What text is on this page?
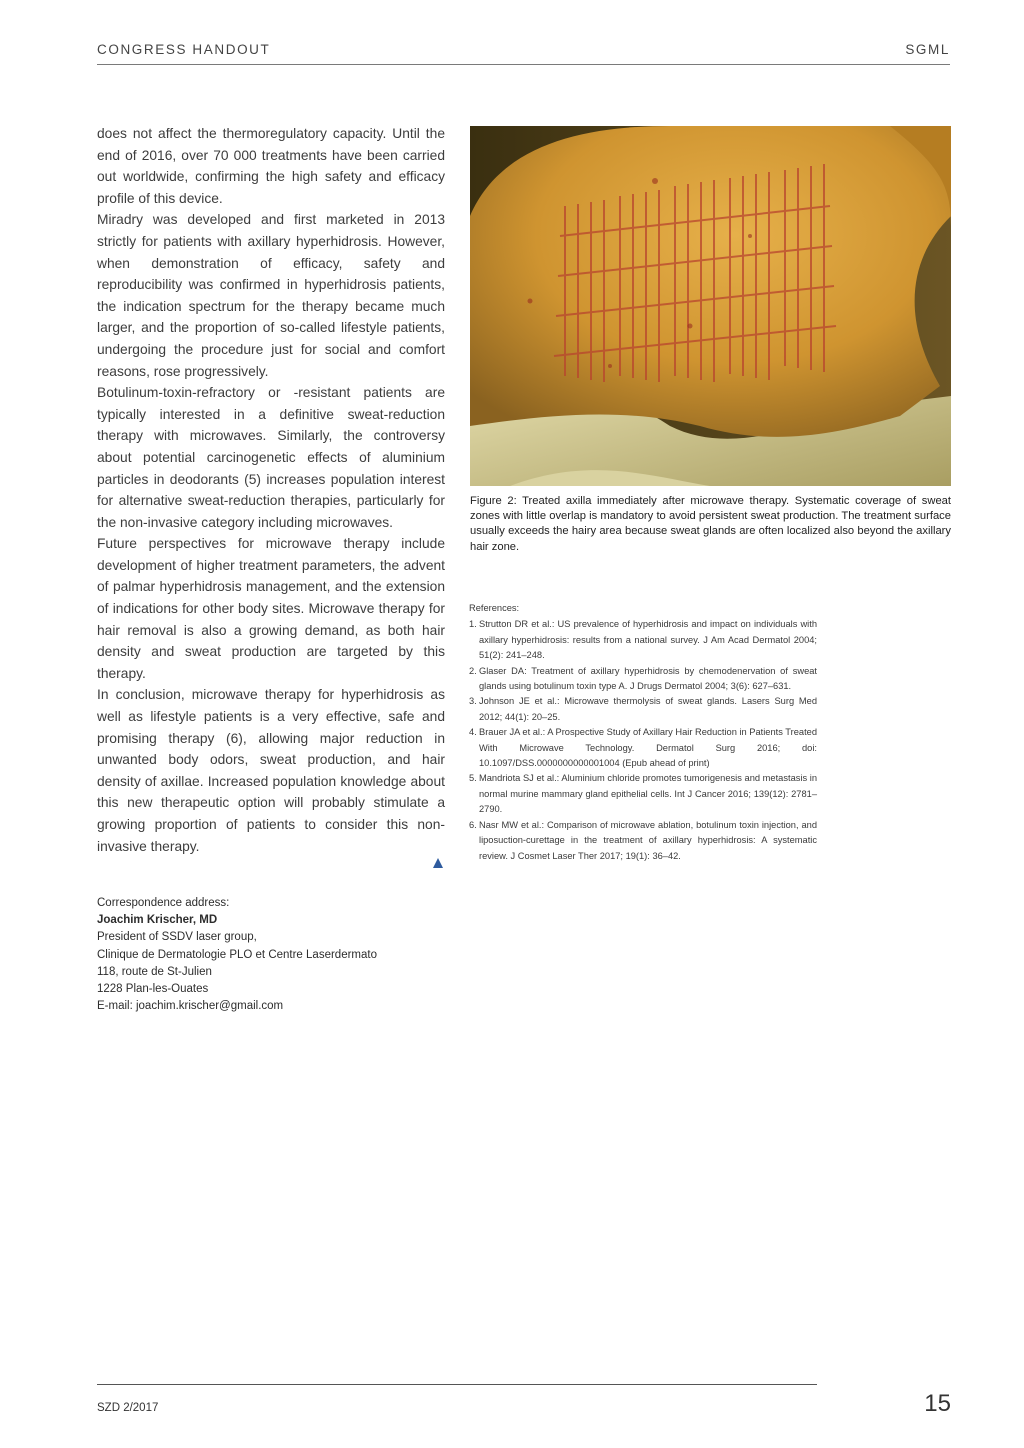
CONGRESS HANDOUT	SGML

does not affect the thermoregulatory capacity. Until the end of 2016, over 70 000 treatments have been carried out worldwide, confirming the high safety and efficacy profile of this device.

Miradry was developed and first marketed in 2013 strictly for patients with axillary hyperhidrosis. However, when demonstration of efficacy, safety and reproducibility was confirmed in hyperhidrosis patients, the indication spectrum for the therapy became much larger, and the proportion of so-called lifestyle patients, undergoing the procedure just for social and comfort reasons, rose progressively.

Botulinum-toxin-refractory or -resistant patients are typically interested in a definitive sweat-reduction therapy with microwaves. Similarly, the controversy about potential carcinogenetic effects of aluminium particles in deodorants (5) increases population interest for alternative sweat-reduction therapies, particularly for the non-invasive category including microwaves.

Future perspectives for microwave therapy include development of higher treatment parameters, the advent of palmar hyperhidrosis management, and the extension of indications for other body sites. Microwave therapy for hair removal is also a growing demand, as both hair density and sweat production are targeted by this therapy.

In conclusion, microwave therapy for hyperhidrosis as well as lifestyle patients is a very effective, safe and promising therapy (6), allowing major reduction in unwanted body odors, sweat production, and hair density of axillae. Increased population knowledge about this new therapeutic option will probably stimulate a growing proportion of patients to consider this non-invasive therapy.

Correspondence address:
Joachim Krischer, MD
President of SSDV laser group,
Clinique de Dermatologie PLO et Centre Laserdermato
118, route de St-Julien
1228 Plan-les-Ouates
E-mail: joachim.krischer@gmail.com
Figure 2: Treated axilla immediately after microwave therapy. Systematic coverage of sweat zones with little overlap is mandatory to avoid persistent sweat production. The treatment surface usually exceeds the hairy area because sweat glands are often localized also beyond the axillary hair zone.
References:
1. Strutton DR et al.: US prevalence of hyperhidrosis and impact on individuals with axillary hyperhidrosis: results from a national survey. J Am Acad Dermatol 2004; 51(2): 241–248.
2. Glaser DA: Treatment of axillary hyperhidrosis by chemodenervation of sweat glands using botulinum toxin type A. J Drugs Dermatol 2004; 3(6): 627–631.
3. Johnson JE et al.: Microwave thermolysis of sweat glands. Lasers Surg Med 2012; 44(1): 20–25.
4. Brauer JA et al.: A Prospective Study of Axillary Hair Reduction in Patients Treated With Microwave Technology. Dermatol Surg 2016; doi: 10.1097/DSS.0000000000001004 (Epub ahead of print)
5. Mandriota SJ et al.: Aluminium chloride promotes tumorigenesis and metastasis in normal murine mammary gland epithelial cells. Int J Cancer 2016; 139(12): 2781–2790.
6. Nasr MW et al.: Comparison of microwave ablation, botulinum toxin injection, and liposuction-curettage in the treatment of axillary hyperhidrosis: A systematic review. J Cosmet Laser Ther 2017; 19(1): 36–42.
SZD 2/2017	15
